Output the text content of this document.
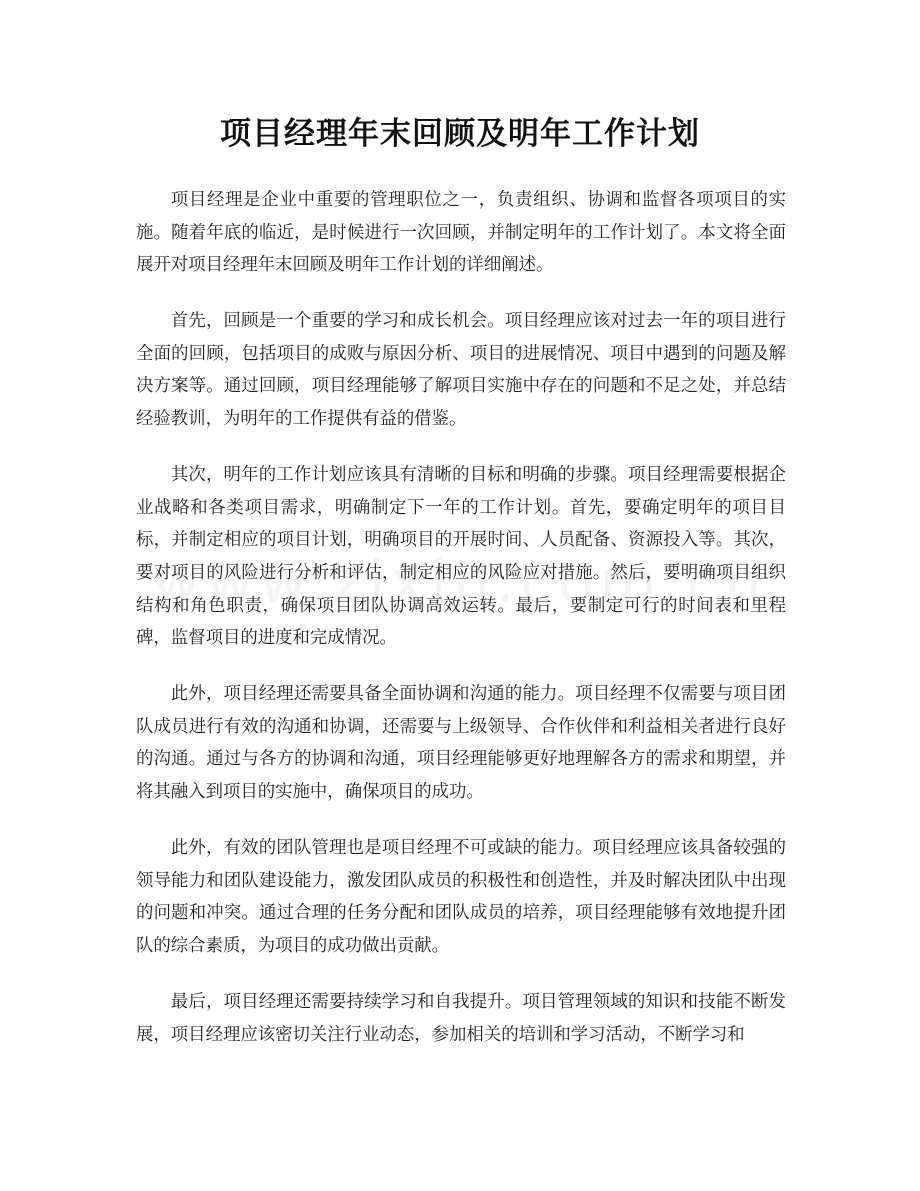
项目经理年末回顾及明年工作计划

项目经理是企业中重要的管理职位之一，负责组织、协调和监督各项项目的实施。随着年底的临近，是时候进行一次回顾，并制定明年的工作计划了。本文将全面展开对项目经理年末回顾及明年工作计划的详细阐述。

首先，回顾是一个重要的学习和成长机会。项目经理应该对过去一年的项目进行全面的回顾，包括项目的成败与原因分析、项目的进展情况、项目中遇到的问题及解决方案等。通过回顾，项目经理能够了解项目实施中存在的问题和不足之处，并总结经验教训，为明年的工作提供有益的借鉴。

其次，明年的工作计划应该具有清晰的目标和明确的步骤。项目经理需要根据企业战略和各类项目需求，明确制定下一年的工作计划。首先，要确定明年的项目目标，并制定相应的项目计划，明确项目的开展时间、人员配备、资源投入等。其次，要对项目的风险进行分析和评估，制定相应的风险应对措施。然后，要明确项目组织结构和角色职责，确保项目团队协调高效运转。最后，要制定可行的时间表和里程碑，监督项目的进度和完成情况。

此外，项目经理还需要具备全面协调和沟通的能力。项目经理不仅需要与项目团队成员进行有效的沟通和协调，还需要与上级领导、合作伙伴和利益相关者进行良好的沟通。通过与各方的协调和沟通，项目经理能够更好地理解各方的需求和期望，并将其融入到项目的实施中，确保项目的成功。

此外，有效的团队管理也是项目经理不可或缺的能力。项目经理应该具备较强的领导能力和团队建设能力，激发团队成员的积极性和创造性，并及时解决团队中出现的问题和冲突。通过合理的任务分配和团队成员的培养，项目经理能够有效地提升团队的综合素质，为项目的成功做出贡献。

最后，项目经理还需要持续学习和自我提升。项目管理领域的知识和技能不断发展，项目经理应该密切关注行业动态，参加相关的培训和学习活动，不断学习和
